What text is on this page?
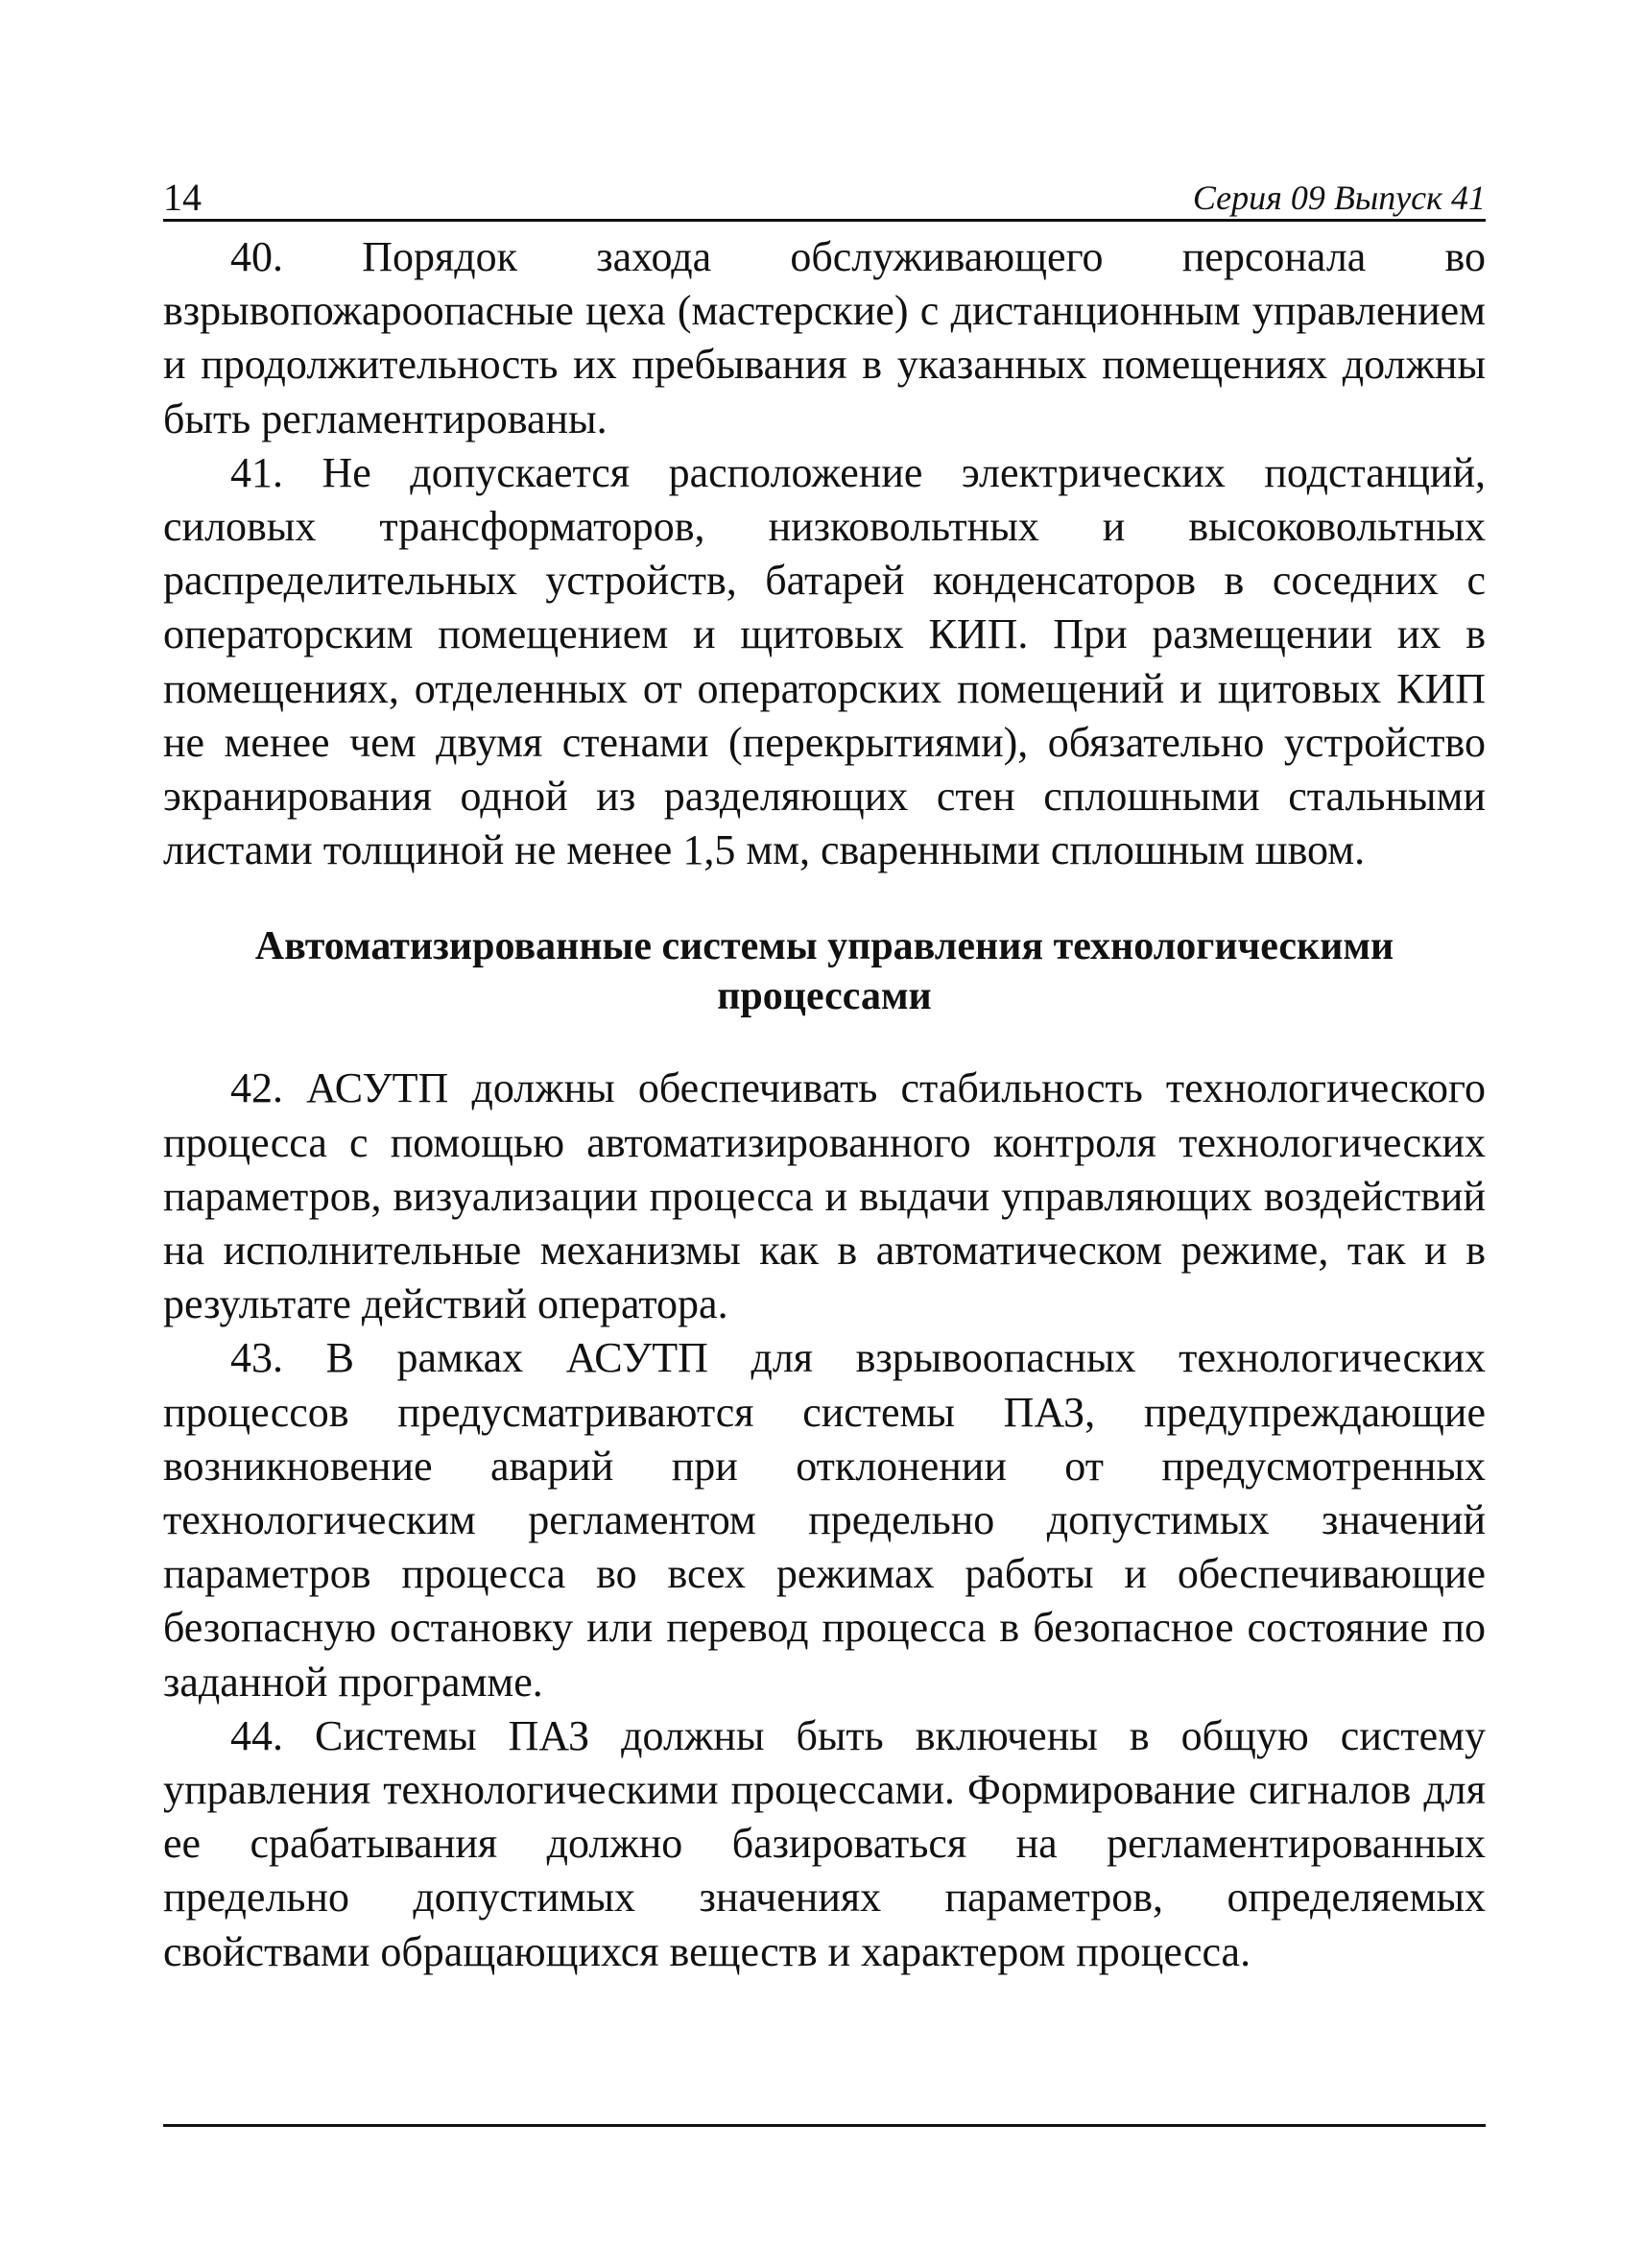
14	Серия 09 Выпуск 41

40. Порядок захода обслуживающего персонала во взрывопожароопасные цеха (мастерские) с дистанционным управлением и продолжительность их пребывания в указанных помещениях должны быть регламентированы.

41. Не допускается расположение электрических подстанций, силовых трансформаторов, низковольтных и высоковольтных распределительных устройств, батарей конденсаторов в соседних с операторским помещением и щитовых КИП. При размещении их в помещениях, отделенных от операторских помещений и щитовых КИП не менее чем двумя стенами (перекрытиями), обязательно устройство экранирования одной из разделяющих стен сплошными стальными листами толщиной не менее 1,5 мм, сваренными сплошным швом.

Автоматизированные системы управления технологическими процессами

42. АСУТП должны обеспечивать стабильность технологического процесса с помощью автоматизированного контроля технологических параметров, визуализации процесса и выдачи управляющих воздействий на исполнительные механизмы как в автоматическом режиме, так и в результате действий оператора.

43. В рамках АСУТП для взрывоопасных технологических процессов предусматриваются системы ПАЗ, предупреждающие возникновение аварий при отклонении от предусмотренных технологическим регламентом предельно допустимых значений параметров процесса во всех режимах работы и обеспечивающие безопасную остановку или перевод процесса в безопасное состояние по заданной программе.

44. Системы ПАЗ должны быть включены в общую систему управления технологическими процессами. Формирование сигналов для ее срабатывания должно базироваться на регламентированных предельно допустимых значениях параметров, определяемых свойствами обращающихся веществ и характером процесса.
